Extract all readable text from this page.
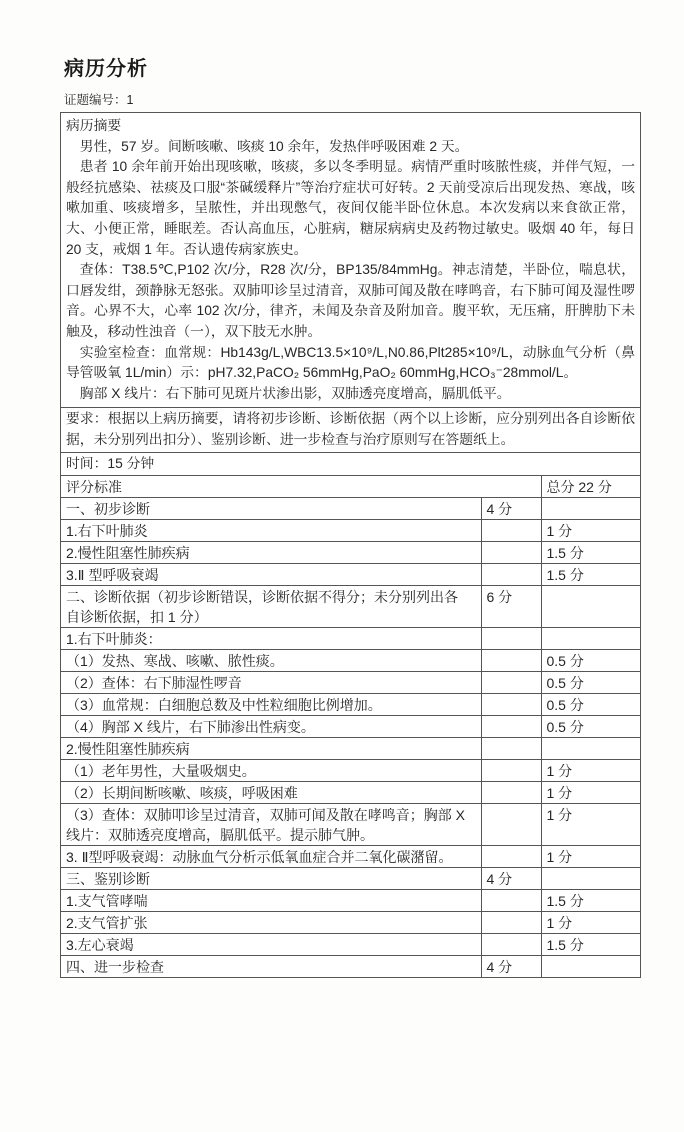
病历分析
证题编号：1

病历摘要

男性，57 岁。间断咳嗽、咳痰 10 余年，发热伴呼吸困难 2 天。

患者 10 余年前开始出现咳嗽，咳痰，多以冬季明显。病情严重时咳脓性痰，并伴气短，一般经抗感染、祛痰及口服“茶碱缓释片”等治疗症状可好转。2 天前受凉后出现发热、寒战，咳嗽加重、咳痰增多，呈脓性，并出现憋气，夜间仅能半卧位休息。本次发病以来食欲正常，大、小便正常，睡眠差。否认高血压，心脏病，糖尿病病史及药物过敏史。吸烟 40 年，每日 20 支，戒烟 1 年。否认遗传病家族史。

查体：T38.5℃,P102 次/分，R28 次/分，BP135/84mmHg。神志清楚，半卧位，喘息状，口唇发绀，颈静脉无怒张。双肺叩诊呈过清音，双肺可闻及散在哮鸣音，右下肺可闻及湿性啰音。心界不大，心率 102 次/分，律齐，未闻及杂音及附加音。腹平软，无压痛，肝脾肋下未触及，移动性浊音（一），双下肢无水肿。

实验室检查：血常规：Hb143g/L,WBC13.5×10⁹/L,N0.86,Plt285×10⁹/L，动脉血气分析（鼻导管吸氧 1L/min）示：pH7.32,PaCO₂ 56mmHg,PaO₂ 60mmHg,HCO₃⁻28mmol/L。

胸部 X 线片：右下肺可见斑片状渗出影，双肺透亮度增高，膈肌低平。

要求：根据以上病历摘要，请将初步诊断、诊断依据（两个以上诊断，应分别列出各自诊断依据，未分别列出扣分）、鉴别诊断、进一步检查与治疗原则写在答题纸上。
时间：15 分钟
评分标准		总分 22 分
一、初步诊断	4 分	
1.右下叶肺炎		1 分
2.慢性阻塞性肺疾病		1.5 分
3.Ⅱ 型呼吸衰竭		1.5 分
二、诊断依据（初步诊断错误，诊断依据不得分；未分别列出各
自诊断依据，扣 1 分）	6 分	
1.右下叶肺炎：		
（1）发热、寒战、咳嗽、脓性痰。		0.5 分
（2）查体：右下肺湿性啰音		0.5 分
（3）血常规：白细胞总数及中性粒细胞比例增加。		0.5 分
（4）胸部 X 线片，右下肺渗出性病变。		0.5 分
2.慢性阻塞性肺疾病		
（1）老年男性，大量吸烟史。		1 分
（2）长期间断咳嗽、咳痰，呼吸困难		1 分
（3）查体：双肺叩诊呈过清音，双肺可闻及散在哮鸣音；胸部 X
线片：双肺透亮度增高，膈肌低平。提示肺气肿。		1 分
3. Ⅱ型呼吸衰竭：动脉血气分析示低氧血症合并二氧化碳潴留。		1 分
三、鉴别诊断	4 分	
1.支气管哮喘		1.5 分
2.支气管扩张		1 分
3.左心衰竭		1.5 分
四、进一步检查	4 分	
